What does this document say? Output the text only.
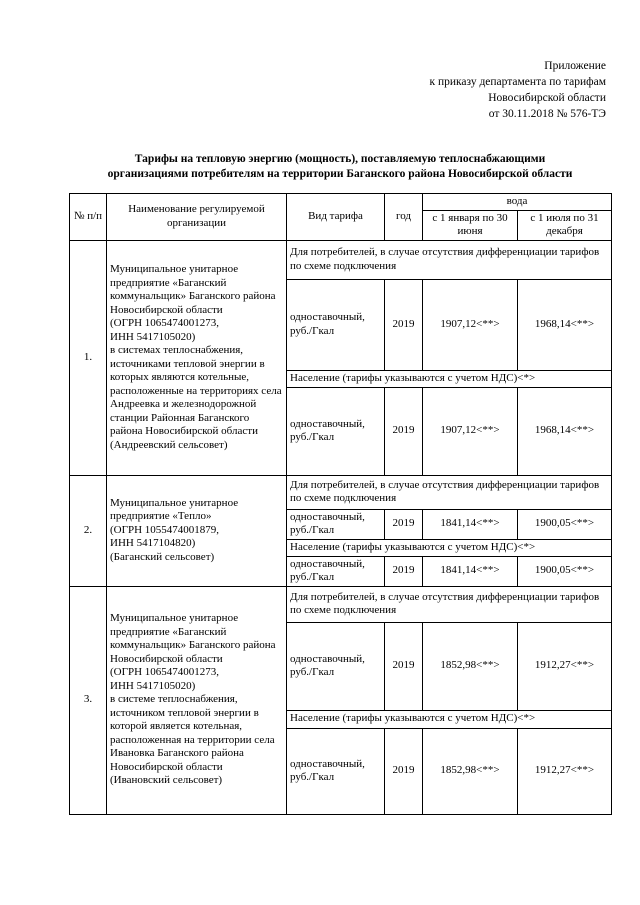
Приложение
к приказу департамента по тарифам
Новосибирской области
от 30.11.2018 № 576-ТЭ
Тарифы на тепловую энергию (мощность), поставляемую теплоснабжающими
организациями потребителям на территории Баганского района Новосибирской области
№ п/п	Наименование регулируемой организации	Вид тарифа	год	вода	
				с 1 января по 30 июня	с 1 июля по 31 декабря
1.	Муниципальное унитарное предприятие «Баганский коммунальщик» Баганского района Новосибирской области
(ОГРН 1065474001273,
ИНН 5417105020)
в системах теплоснабжения, источниками тепловой энергии в которых являются котельные, расположенные на территориях села Андреевка и железнодорожной станции Районная Баганского района Новосибирской области
(Андреевский сельсовет)	Для потребителей, в случае отсутствия дифференциации тарифов по схеме подключения			
		одноставочный, руб./Гкал	2019	1907,12<**>	1968,14<**>
		Население (тарифы указываются с учетом НДС)<*>			
		одноставочный, руб./Гкал	2019	1907,12<**>	1968,14<**>
2.	Муниципальное унитарное предприятие «Тепло»
(ОГРН 1055474001879,
ИНН 5417104820)
(Баганский сельсовет)	Для потребителей, в случае отсутствия дифференциации тарифов по схеме подключения			
		одноставочный, руб./Гкал	2019	1841,14<**>	1900,05<**>
		Население (тарифы указываются с учетом НДС)<*>			
		одноставочный, руб./Гкал	2019	1841,14<**>	1900,05<**>
3.	Муниципальное унитарное предприятие «Баганский коммунальщик» Баганского района Новосибирской области
(ОГРН 1065474001273,
ИНН 5417105020)
в системе теплоснабжения, источником тепловой энергии в которой является котельная, расположенная на территории села Ивановка Баганского района Новосибирской области
(Ивановский сельсовет)	Для потребителей, в случае отсутствия дифференциации тарифов по схеме подключения			
		одноставочный, руб./Гкал	2019	1852,98<**>	1912,27<**>
		Население (тарифы указываются с учетом НДС)<*>			
		одноставочный, руб./Гкал	2019	1852,98<**>	1912,27<**>
